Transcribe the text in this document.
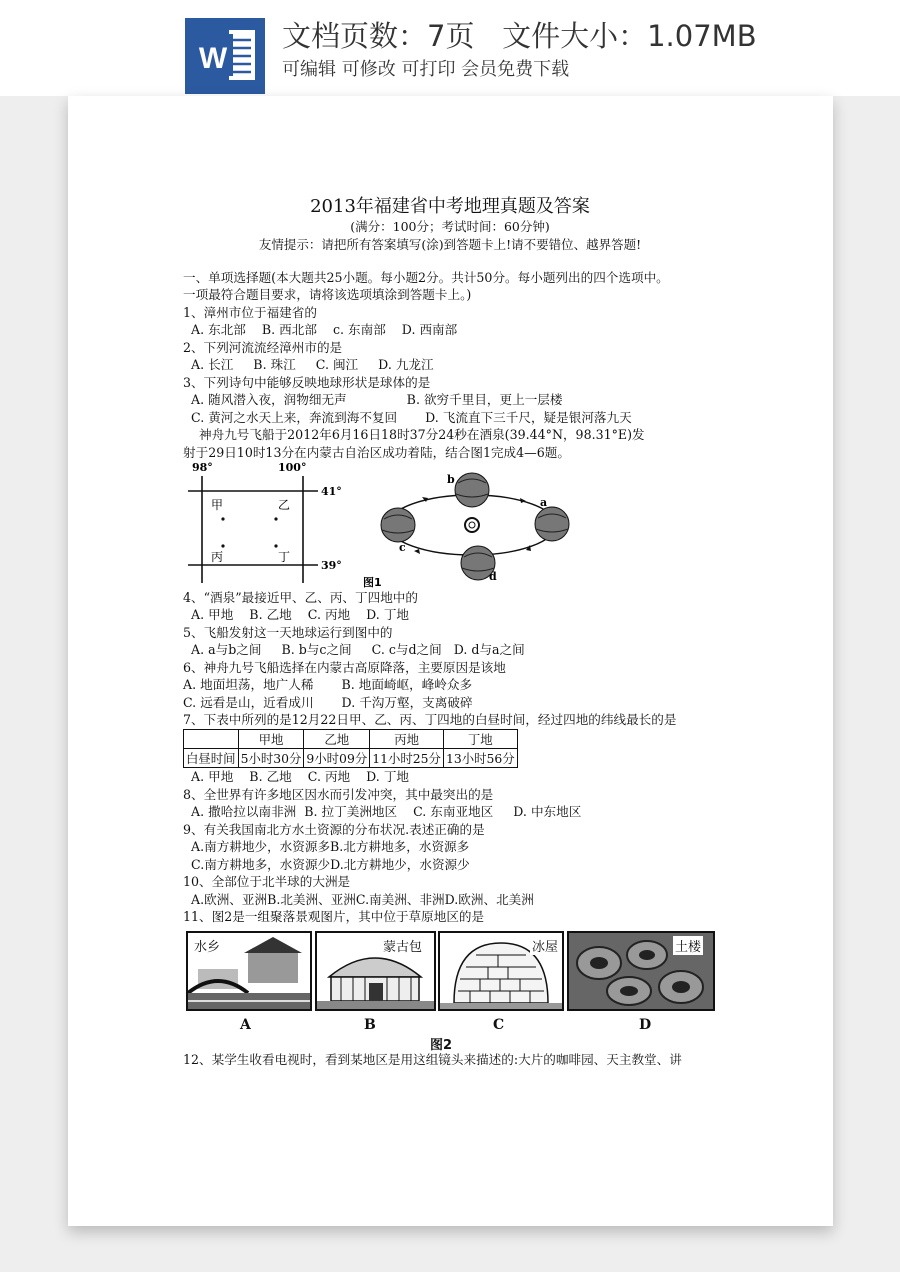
W
文档页数：7页   文件大小：1.07MB
可编辑 可修改 可打印 会员免费下载
2013年福建省中考地理真题及答案
(满分：100分；考试时间：60分钟)
友情提示：请把所有答案填写(涂)到答题卡上!请不要错位、越界答题!
一、单项选择题(本大题共25小题。每小题2分。共计50分。每小题列出的四个选项中。
一项最符合题目要求，请将该选项填涂到答题卡上。)
1、漳州市位于福建省的
A. 东北部    B. 西北部    c. 东南部    D. 西南部
2、下列河流流经漳州市的是
A. 长江     B. 珠江     C. 闽江     D. 九龙江
3、下列诗句中能够反映地球形状是球体的是
A. 随风潜入夜，润物细无声               B. 欲穷千里目，更上一层楼
C. 黄河之水天上来，奔流到海不复回       D. 飞流直下三千尺，疑是银河落九天
神舟九号飞船于2012年6月16日18时37分24秒在酒泉(39.44°N，98.31°E)发
射于29日10时13分在内蒙古自治区成功着陆，结合图1完成4—6题。
98°	100°
41°
39°
甲	乙
丙	丁
b
a
c
d
图1
4、“酒泉”最接近甲、乙、丙、丁四地中的
A. 甲地    B. 乙地    C. 丙地    D. 丁地
5、飞船发射这一天地球运行到图中的
A. a与b之间     B. b与c之间     C. c与d之间   D. d与a之间
6、神舟九号飞船选择在内蒙古高原降落，主要原因是该地
A. 地面坦荡，地广人稀       B. 地面崎岖，峰岭众多
C. 远看是山，近看成川       D. 千沟万壑，支离破碎
7、下表中所列的是12月22日甲、乙、丙、丁四地的白昼时间，经过四地的纬线最长的是
	甲地	乙地	丙地	丁地
白昼时间	5小时30分	9小时09分	11小时25分	13小时56分
A. 甲地    B. 乙地    C. 丙地    D. 丁地
8、全世界有许多地区因水而引发冲突，其中最突出的是
A. 撒哈拉以南非洲  B. 拉丁美洲地区    C. 东南亚地区     D. 中东地区
9、有关我国南北方水土资源的分布状况.表述正确的是
A.南方耕地少，水资源多B.北方耕地多，水资源多
C.南方耕地多，水资源少D.北方耕地少，水资源少
10、全部位于北半球的大洲是
A.欧洲、亚洲B.北美洲、亚洲C.南美洲、非洲D.欧洲、北美洲
11、图2是一组聚落景观图片，其中位于草原地区的是
水乡	蒙古包	冰屋	土楼
A	B	C	D
图2
12、某学生收看电视时，看到某地区是用这组镜头来描述的:大片的咖啡园、天主教堂、讲
